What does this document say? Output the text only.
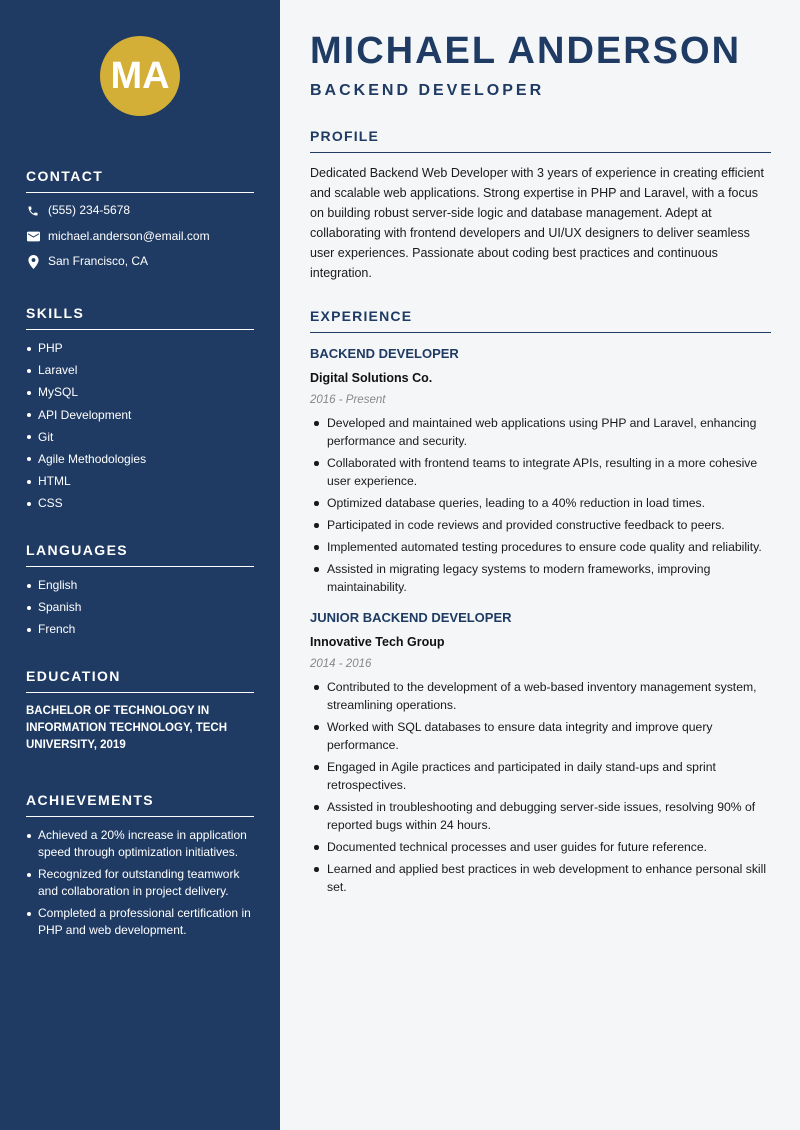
MA
CONTACT
(555) 234-5678
michael.anderson@email.com
San Francisco, CA
SKILLS
PHP
Laravel
MySQL
API Development
Git
Agile Methodologies
HTML
CSS
LANGUAGES
English
Spanish
French
EDUCATION
BACHELOR OF TECHNOLOGY IN INFORMATION TECHNOLOGY, TECH UNIVERSITY, 2019
ACHIEVEMENTS
Achieved a 20% increase in application speed through optimization initiatives.
Recognized for outstanding teamwork and collaboration in project delivery.
Completed a professional certification in PHP and web development.
MICHAEL ANDERSON
BACKEND DEVELOPER
PROFILE

Dedicated Backend Web Developer with 3 years of experience in creating efficient and scalable web applications. Strong expertise in PHP and Laravel, with a focus on building robust server-side logic and database management. Adept at collaborating with frontend developers and UI/UX designers to deliver seamless user experiences. Passionate about coding best practices and continuous integration.

EXPERIENCE
BACKEND DEVELOPER

Digital Solutions Co.

2016 - Present

Developed and maintained web applications using PHP and Laravel, enhancing performance and security.
Collaborated with frontend teams to integrate APIs, resulting in a more cohesive user experience.
Optimized database queries, leading to a 40% reduction in load times.
Participated in code reviews and provided constructive feedback to peers.
Implemented automated testing procedures to ensure code quality and reliability.
Assisted in migrating legacy systems to modern frameworks, improving maintainability.
JUNIOR BACKEND DEVELOPER

Innovative Tech Group

2014 - 2016

Contributed to the development of a web-based inventory management system, streamlining operations.
Worked with SQL databases to ensure data integrity and improve query performance.
Engaged in Agile practices and participated in daily stand-ups and sprint retrospectives.
Assisted in troubleshooting and debugging server-side issues, resolving 90% of reported bugs within 24 hours.
Documented technical processes and user guides for future reference.
Learned and applied best practices in web development to enhance personal skill set.
